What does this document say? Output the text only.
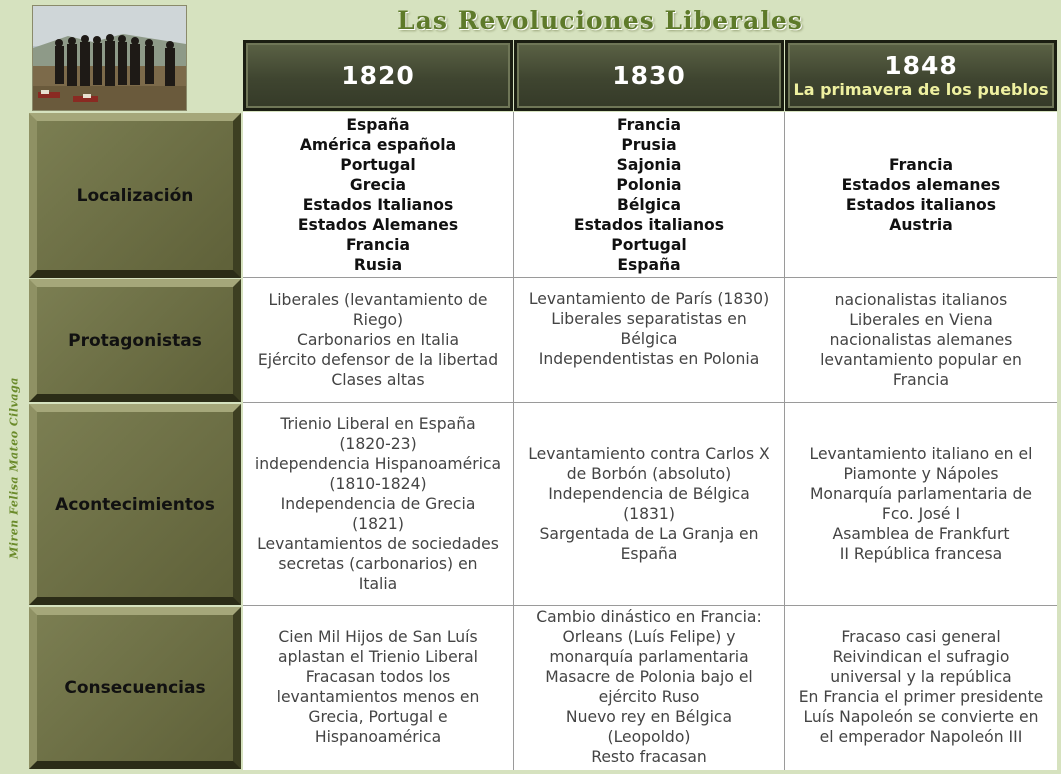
Las Revoluciones Liberales
Miren Felisa Mateo Cilvaga
1820	1830	1848
La primavera de los pueblos
Localización
Protagonistas
Acontecimientos
Consecuencias
España
América española
Portugal
Grecia
Estados Italianos
Estados Alemanes
Francia
Rusia
Francia
Prusia
Sajonia
Polonia
Bélgica
Estados italianos
Portugal
España
Francia
Estados alemanes
Estados italianos
Austria
Liberales (levantamiento de
Riego)
Carbonarios en Italia
Ejército defensor de la libertad
Clases altas
Levantamiento de París (1830)
Liberales separatistas en
Bélgica
Independentistas en Polonia
nacionalistas italianos
Liberales en Viena
nacionalistas alemanes
levantamiento popular en
Francia
Trienio Liberal en España
(1820-23)
independencia Hispanoamérica
(1810-1824)
Independencia de Grecia
(1821)
Levantamientos de sociedades
secretas (carbonarios) en
Italia
Levantamiento contra Carlos X
de Borbón (absoluto)
Independencia de Bélgica
(1831)
Sargentada de La Granja en
España
Levantamiento italiano en el
Piamonte y Nápoles
Monarquía parlamentaria de
Fco. José I
Asamblea de Frankfurt
II República francesa
Cien Mil Hijos de San Luís
aplastan el Trienio Liberal
Fracasan todos los
levantamientos menos en
Grecia, Portugal e
Hispanoamérica
Cambio dinástico en Francia:
Orleans (Luís Felipe) y
monarquía parlamentaria
Masacre de Polonia bajo el
ejército Ruso
Nuevo rey en Bélgica
(Leopoldo)
Resto fracasan
Fracaso casi general
Reivindican el sufragio
universal y la república
En Francia el primer presidente
Luís Napoleón se convierte en
el emperador Napoleón III
